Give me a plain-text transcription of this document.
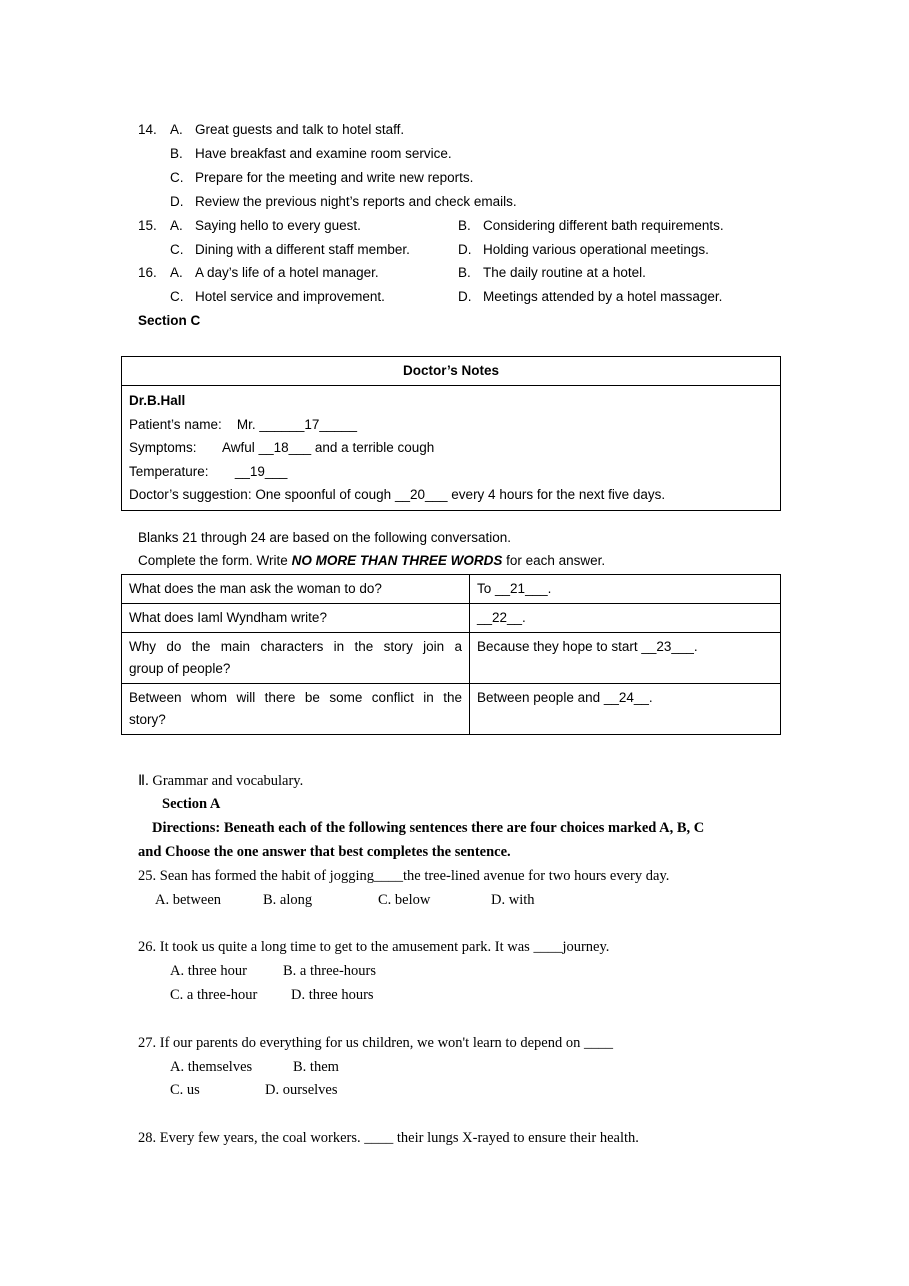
14. A. Great guests and talk to hotel staff.
B. Have breakfast and examine room service.
C. Prepare for the meeting and write new reports.
D. Review the previous night’s reports and check emails.
15. A. Saying hello to every guest.	B. Considering different bath requirements.
C. Dining with a different staff member.	D. Holding various operational meetings.
16. A. A day’s life of a hotel manager.	B. The daily routine at a hotel.
C. Hotel service and improvement.	D. Meetings attended by a hotel massager.
Section C
Doctor’s Notes

Dr.B.Hall
Patient’s name: Mr. ______17_____
Symptoms: Awful __18___ and a terrible cough
Temperature: __19___
Doctor’s suggestion: One spoonful of cough __20___ every 4 hours for the next five days.
Blanks 21 through 24 are based on the following conversation.
Complete the form. Write NO MORE THAN THREE WORDS for each answer.
What does the man ask the woman to do?	To __21___.
What does Iaml Wyndham write?	__22__.

Why do the main characters in the story join a
group of people?	Because they hope to start __23___.

Between whom will there be some conflict in the
story?	Between people and __24__.
Ⅱ. Grammar and vocabulary.
Section A
Directions: Beneath each of the following sentences there are four choices marked A, B, C
and Choose the one answer that best completes the sentence.
25. Sean has formed the habit of jogging____the tree-lined avenue for two hours every day.
A. between	B. along	C. below	D. with
26. It took us quite a long time to get to the amusement park. It was ____journey.
A. three hour B. a three-hours
C. a three-hour D. three hours
27. If our parents do everything for us children, we won't learn to depend on ____
A. themselves	B. them
C. us	D. ourselves
28. Every few years, the coal workers. ____ their lungs X-rayed to ensure their health.
